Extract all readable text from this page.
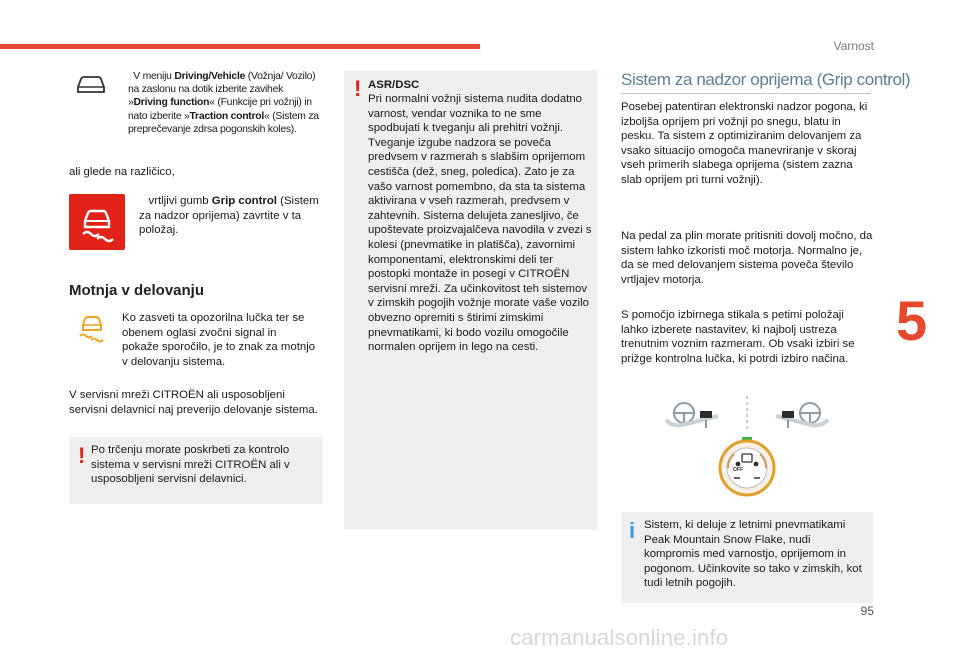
Varnost
5
95
carmanualsonline.info
V meniju Driving/Vehicle (Vožnja/ Vozilo) na zaslonu na dotik izberite zavihek »Driving function« (Funkcije pri vožnji) in nato izberite »Traction control« (Sistem za preprečevanje zdrsa pogonskih koles).
ali glede na različico,
vrtljivi gumb Grip control (Sistem za nadzor oprijema) zavrtite v ta položaj.
Motnja v delovanju
Ko zasveti ta opozorilna lučka ter se obenem oglasi zvočni signal in pokaže sporočilo, je to znak za motnjo v delovanju sistema.
V servisni mreži CITROËN ali usposobljeni servisni delavnici naj preverijo delovanje sistema.
! Po trčenju morate poskrbeti za kontrolo sistema v servisni mreži CITROËN ali v usposobljeni servisni delavnici.
! ASR/DSC
Pri normalni vožnji sistema nudita dodatno varnost, vendar voznika to ne sme spodbujati k tveganju ali prehitri vožnji. Tveganje izgube nadzora se poveča predvsem v razmerah s slabšim oprijemom cestišča (dež, sneg, poledica). Zato je za vašo varnost pomembno, da sta ta sistema aktivirana v vseh razmerah, predvsem v zahtevnih. Sistema delujeta zanesljivo, če upoštevate proizvajalčeva navodila v zvezi s kolesi (pnevmatike in platišča), zavornimi komponentami, elektronskimi deli ter postopki montaže in posegi v CITROËN servisni mreži. Za učinkovitost teh sistemov v zimskih pogojih vožnje morate vaše vozilo obvezno opremiti s štirimi zimskimi pnevmatikami, ki bodo vozilu omogočile normalen oprijem in lego na cesti.
Sistem za nadzor oprijema (Grip control)
Posebej patentiran elektronski nadzor pogona, ki izboljša oprijem pri vožnji po snegu, blatu in pesku. Ta sistem z optimiziranim delovanjem za vsako situacijo omogoča manevriranje v skoraj vseh primerih slabega oprijema (sistem zazna slab oprijem pri turni vožnji).
Na pedal za plin morate pritisniti dovolj močno, da sistem lahko izkoristi moč motorja. Normalno je, da se med delovanjem sistema poveča število vrtljajev motorja.
S pomočjo izbirnega stikala s petimi položaji lahko izberete nastavitev, ki najbolj ustreza trenutnim voznim razmeram. Ob vsaki izbiri se prižge kontrolna lučka, ki potrdi izbiro načina.
OFF
i Sistem, ki deluje z letnimi pnevmatikami Peak Mountain Snow Flake, nudi kompromis med varnostjo, oprijemom in pogonom. Učinkovite so tako v zimskih, kot tudi letnih pogojih.
